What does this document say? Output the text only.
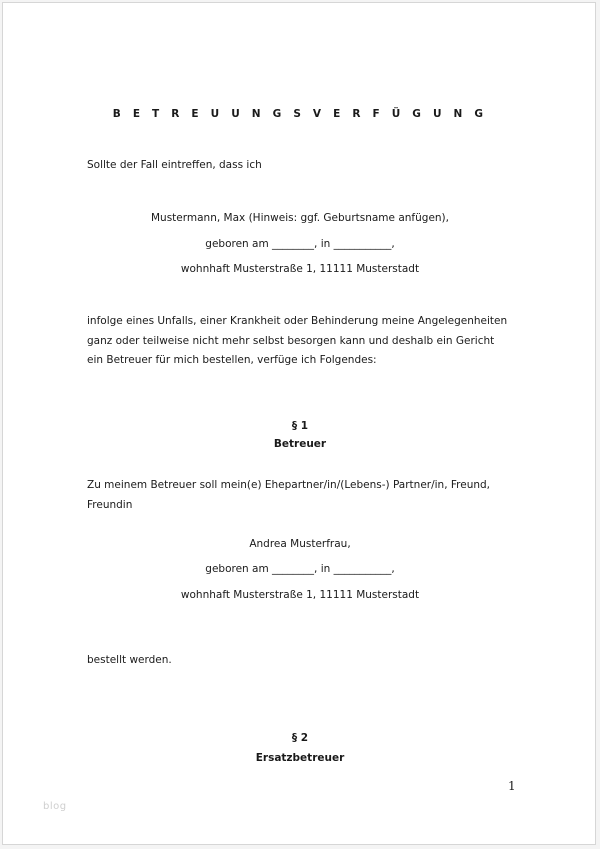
B E T R E U U N G S V E R F Ü G U N G
Sollte der Fall eintreffen, dass ich
Mustermann, Max (Hinweis: ggf. Geburtsname anfügen),
geboren am ________, in ___________,
wohnhaft Musterstraße 1, 11111 Musterstadt
infolge eines Unfalls, einer Krankheit oder Behinderung meine Angelegenheiten
ganz oder teilweise nicht mehr selbst besorgen kann und deshalb ein Gericht
ein Betreuer für mich bestellen, verfüge ich Folgendes:
§ 1
Betreuer
Zu meinem Betreuer soll mein(e) Ehepartner/in/(Lebens-) Partner/in, Freund,
Freundin
Andrea Musterfrau,
geboren am ________, in ___________,
wohnhaft Musterstraße 1, 11111 Musterstadt
bestellt werden.
§ 2
Ersatzbetreuer
1
blog
